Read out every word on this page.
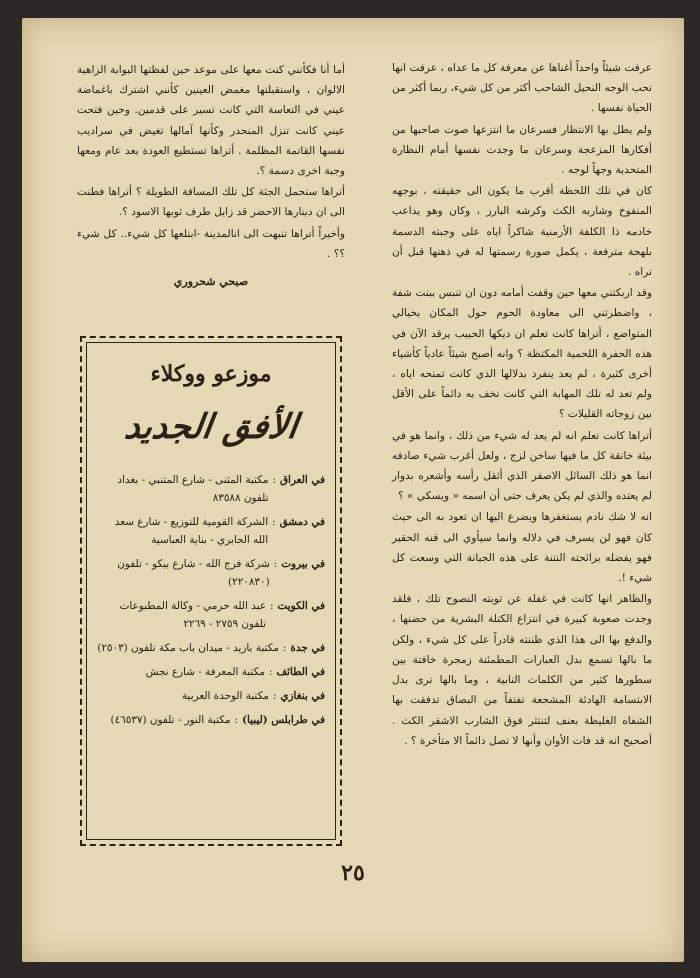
عرفت شيئاً واحداً أغناها عن معرفة كل ما عداه ، عرفت انها تحب الوجه النحيل الشاحب أكثر من كل شيء، ربما أكثر من الحياة نفسها .

ولم يطل بها الانتظار فسرعان ما انتزعها صوت صاحبها من أفكارها المزعجة وسرعان ما وجدت نفسها أمام النظارة المتحدية وجهاً لوجه .

كان في تلك اللحظة أقرب ما يكون الى حقيقته ، بوجهه المنفوخ وشاربه الكث وكرشه البارز ، وكان وهو يداعب خادمه ذا الكلفة الأرمنية شاكراً اياه على وجبته الدسمة بلهجة مترفعة ، يكمل صورة رسمتها له في ذهنها قبل أن تراه .

وقد اربكتني معها حين وقفت أمامه دون ان تنبس ببنت شفة ، واضطرتني الى معاودة الحوم حول المكان بخيالي المتواضع ، أتراها كانت تعلم ان ديكها الحبيب يرقد الآن في هذه الحفرة اللحمية المكتظة ؟ وانه أصبح شيئاً عادياً كأشياء أخرى كثيرة ، لم يعد ينفرد بدلالها الذي كانت تمنحه اياه ، ولم تعد له تلك المهابة التي كانت تخف به دائماً على الأقل بين زوجاته القليلات ؟

أتراها كانت تعلم انه لم يعد له شيء من ذلك ، وانما هو في بيئة خانقة كل ما فيها ساخن لزج ، ولعل أغرب شيء صادفه انما هو ذلك السائل الاصفر الذي أثقل رأسه وأشعره بدوار لم يعتده والذي لم يكن يعرف حتى أن اسمه « ويسكي » ؟

انه لا شك نادم يستغفرها ويضرع اليها ان تعود به الى حيث كان فهو لن يسرف في دلاله وانما سيأوي الى قنه الحقير فهو يفضله برائحته النتنة على هذه الجبانة التي وسعت كل شيء !.

والظاهر انها كانت في غفلة عن توبته النصوح تلك ، فلقد وجدت صعوبة كبيرة في انتزاع الكتلة البشرية من حضنها ، والدفع بها الى هذا الذي ظننته قادراً على كل شيء ، ولكن ما بالها تسمع بدل العبارات المطمئنة زمجرة خافتة بين سطورها كثير من الكلمات النابية ، وما بالها ترى بدل الابتسامة الهادئة المشجعة تفتفاً من البصاق تدفقت بها الشفاه الغليظة بعنف لتنتثر فوق الشارب الاشقر الكث . أصحيح انه قد فات الأوان وأنها لا تصل دائماً الا متأخرة ؟ .

أما أنا فكأنني كنت معها على موعد حين لفظتها البوابة الزاهية الالوان ، واستقبلتها مغمض العينين كأنني اشترك باغماضة عيني في التعاسة التي كانت تسير على قدمين. وحين فتحت عيني كانت تنزل المنحدر وكأنها آمالها تغيض في سراديب نفسها القاتمة المظلمة . أتراها تستطيع العودة بعد عام ومعها وجبة اخرى دسمة ؟.

أتراها ستحمل الجثة كل تلك المسافة الطويلة ؟ أتراها فطنت الى ان دينارها الاحضر قد زايل طرف ثوبها الاسود ؟.

وأخيراً أتراها تنبهت الى انالمدينة -ابتلعها كل شيء.. كل شيء ؟؟ .

صبحي شحروري
موزعو ووكلاء
الأفق الجديد
في العراق
:
مكتبة المثنى - شارع المتنبي - بغداد تلفون ٨٣٥٨٨
في دمشق
:
الشركة القومية للتوزيع - شارع سعد الله الجابري - بناية العباسية
في بيروت
:
شركة فرج الله - شارع بيكو - تلفون (٢٢٠٨٣٠)
في الكويت
:
عبد الله حرمي - وكالة المطبوعات تلفون ٢٧٥٩ - ٢٢٦٩
في جدة
:
مكتبة بازيد - ميدان باب مكة تلفون (٢٥٠٣)
في الطائف
:
مكتبة المعرفة - شارع نجش
في بنغازي
:
مكتبة الوحدة العربية
في طرابلس (ليبيا)
:
مكتبة النور - تلفون (٤٦٥٣٧)
٢٥
